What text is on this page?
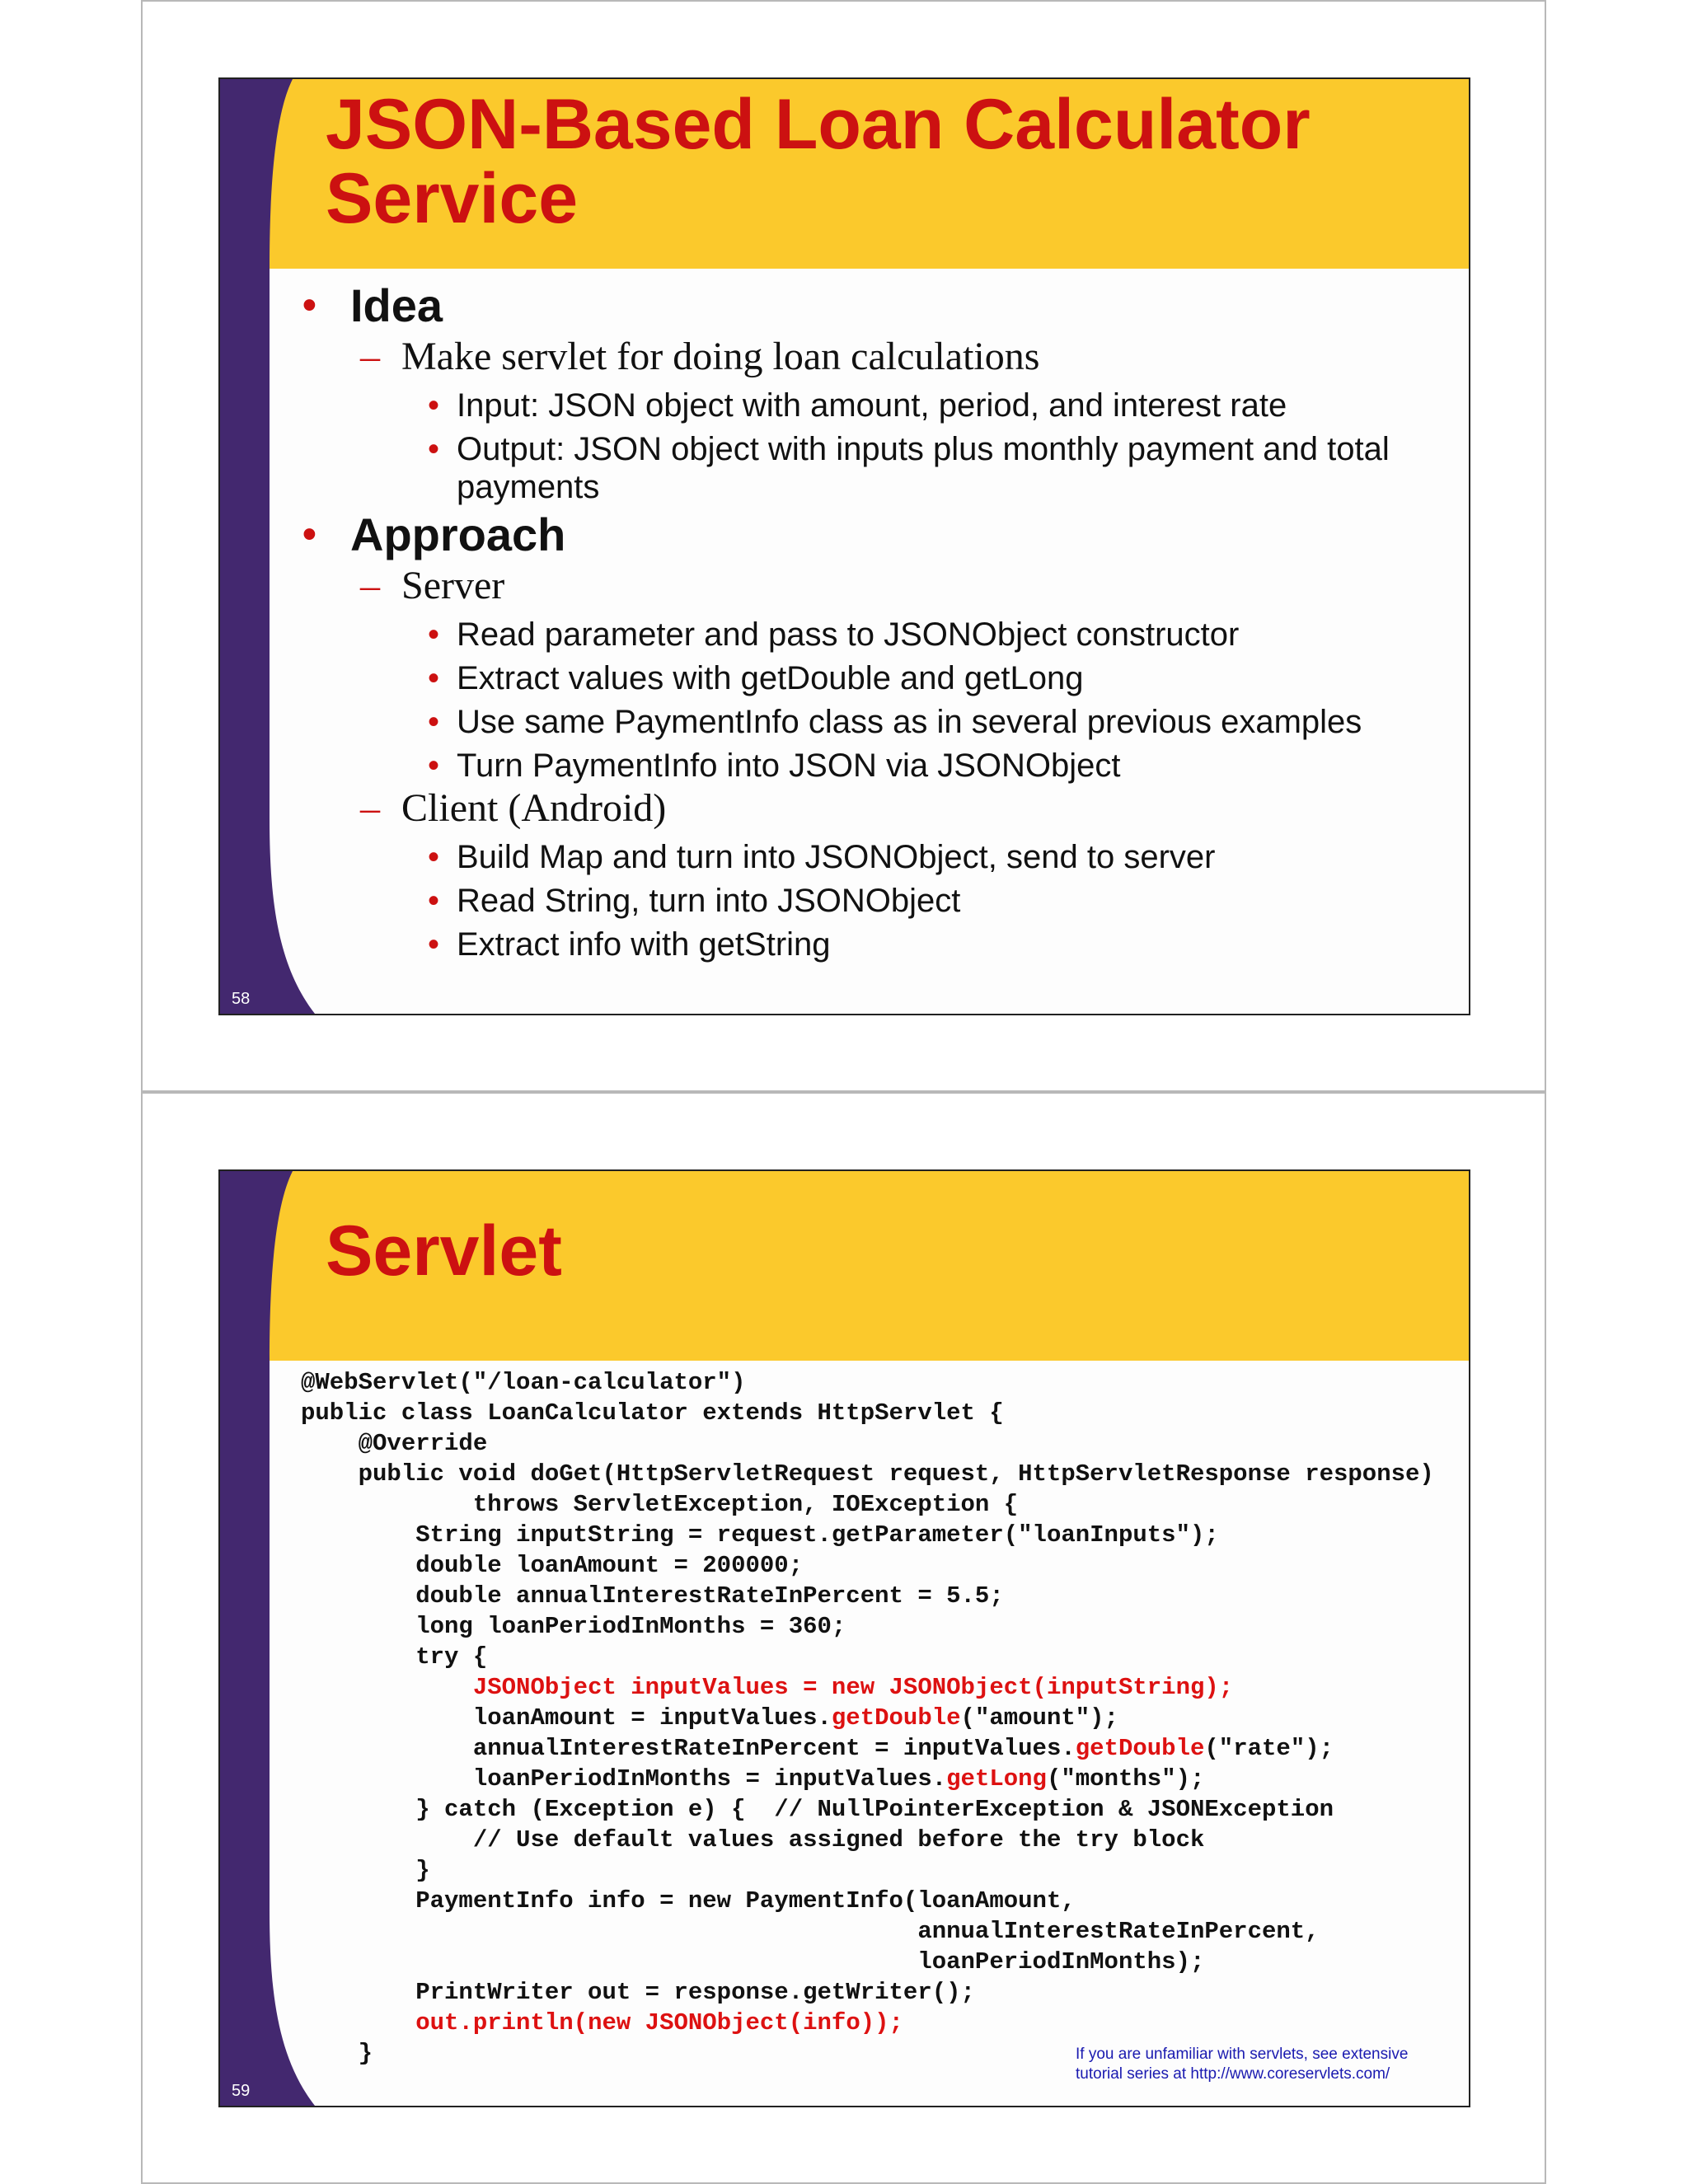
JSON-Based Loan Calculator
Service
• Idea
– Make servlet for doing loan calculations
• Input: JSON object with amount, period, and interest rate
• Output: JSON object with inputs plus monthly payment and total payments
• Approach
– Server
• Read parameter and pass to JSONObject constructor
• Extract values with getDouble and getLong
• Use same PaymentInfo class as in several previous examples
• Turn PaymentInfo into JSON via JSONObject
– Client (Android)
• Build Map and turn into JSONObject, send to server
• Read String, turn into JSONObject
• Extract info with getString
58
Servlet
@WebServlet("/loan-calculator")
public class LoanCalculator extends HttpServlet {
@Override
public void doGet(HttpServletRequest request, HttpServletResponse response)
throws ServletException, IOException {
String inputString = request.getParameter("loanInputs");
double loanAmount = 200000;
double annualInterestRateInPercent = 5.5;
long loanPeriodInMonths = 360;
try {
JSONObject inputValues = new JSONObject(inputString);
loanAmount = inputValues.getDouble("amount");
annualInterestRateInPercent = inputValues.getDouble("rate");
loanPeriodInMonths = inputValues.getLong("months");
} catch (Exception e) {  // NullPointerException & JSONException
// Use default values assigned before the try block
}
PaymentInfo info = new PaymentInfo(loanAmount,
annualInterestRateInPercent,
loanPeriodInMonths);
PrintWriter out = response.getWriter();
out.println(new JSONObject(info));
}	If you are unfamiliar with servlets, see extensive tutorial series at http://www.coreservlets.com/
59
